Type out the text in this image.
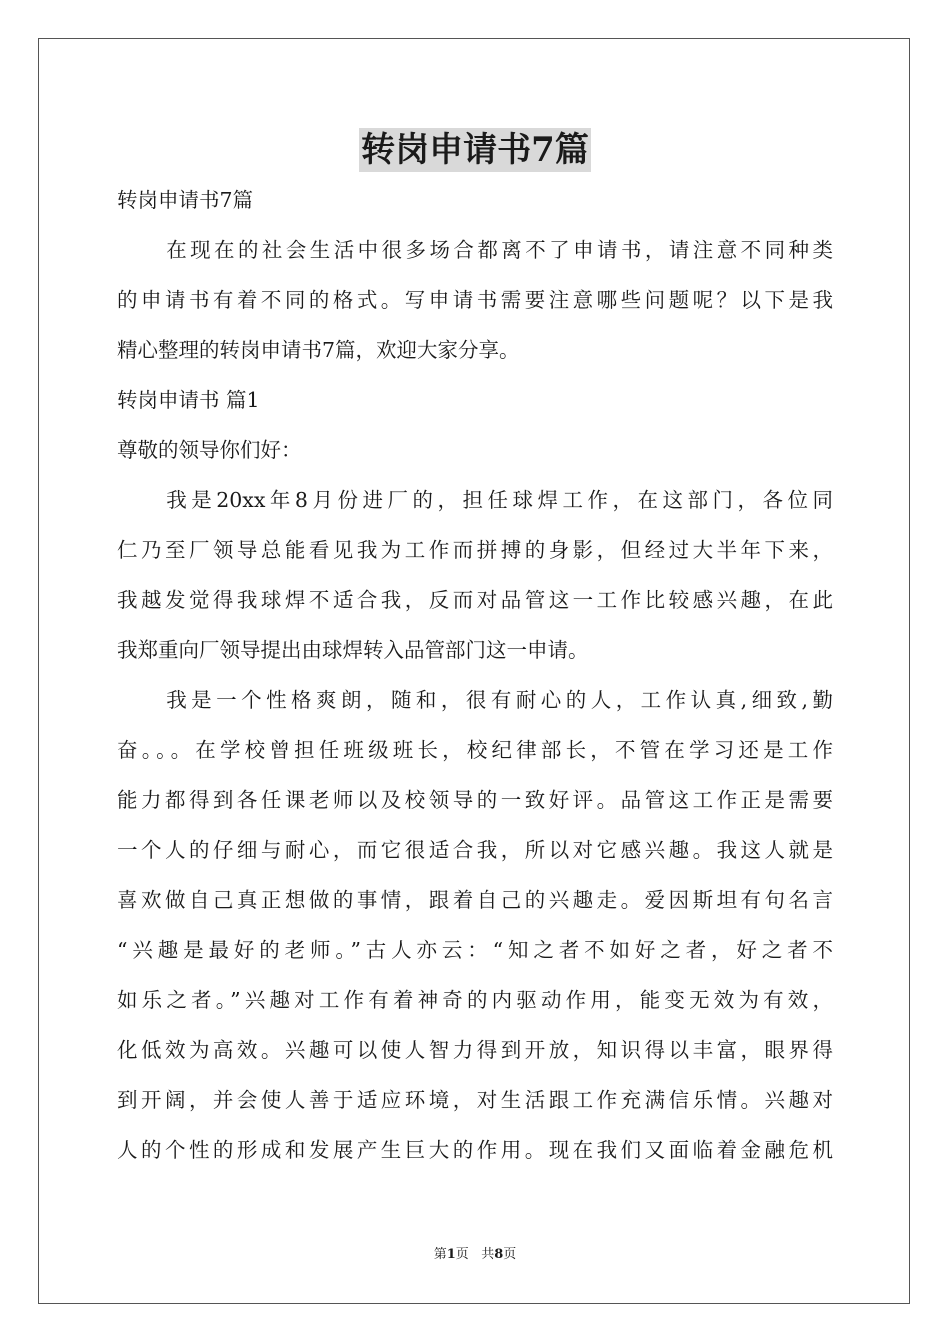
转岗申请书7篇
转岗申请书7篇
在现在的社会生活中很多场合都离不了申请书，请注意不同种类
的申请书有着不同的格式。写申请书需要注意哪些问题呢？以下是我
精心整理的转岗申请书7篇，欢迎大家分享。
转岗申请书 篇1
尊敬的领导你们好：
我是20xx年8月份进厂的，担任球焊工作，在这部门，各位同
仁乃至厂领导总能看见我为工作而拼搏的身影，但经过大半年下来，
我越发觉得我球焊不适合我，反而对品管这一工作比较感兴趣，在此
我郑重向厂领导提出由球焊转入品管部门这一申请。
我是一个性格爽朗，随和，很有耐心的人，工作认真,细致,勤
奋。。。在学校曾担任班级班长，校纪律部长，不管在学习还是工作
能力都得到各任课老师以及校领导的一致好评。品管这工作正是需要
一个人的仔细与耐心，而它很适合我，所以对它感兴趣。我这人就是
喜欢做自己真正想做的事情，跟着自己的兴趣走。爱因斯坦有句名言
“兴趣是最好的老师。”古人亦云：“知之者不如好之者，好之者不
如乐之者。”兴趣对工作有着神奇的内驱动作用，能变无效为有效，
化低效为高效。兴趣可以使人智力得到开放，知识得以丰富，眼界得
到开阔，并会使人善于适应环境，对生活跟工作充满信乐情。兴趣对
人的个性的形成和发展产生巨大的作用。现在我们又面临着金融危机
第1页 共8页
